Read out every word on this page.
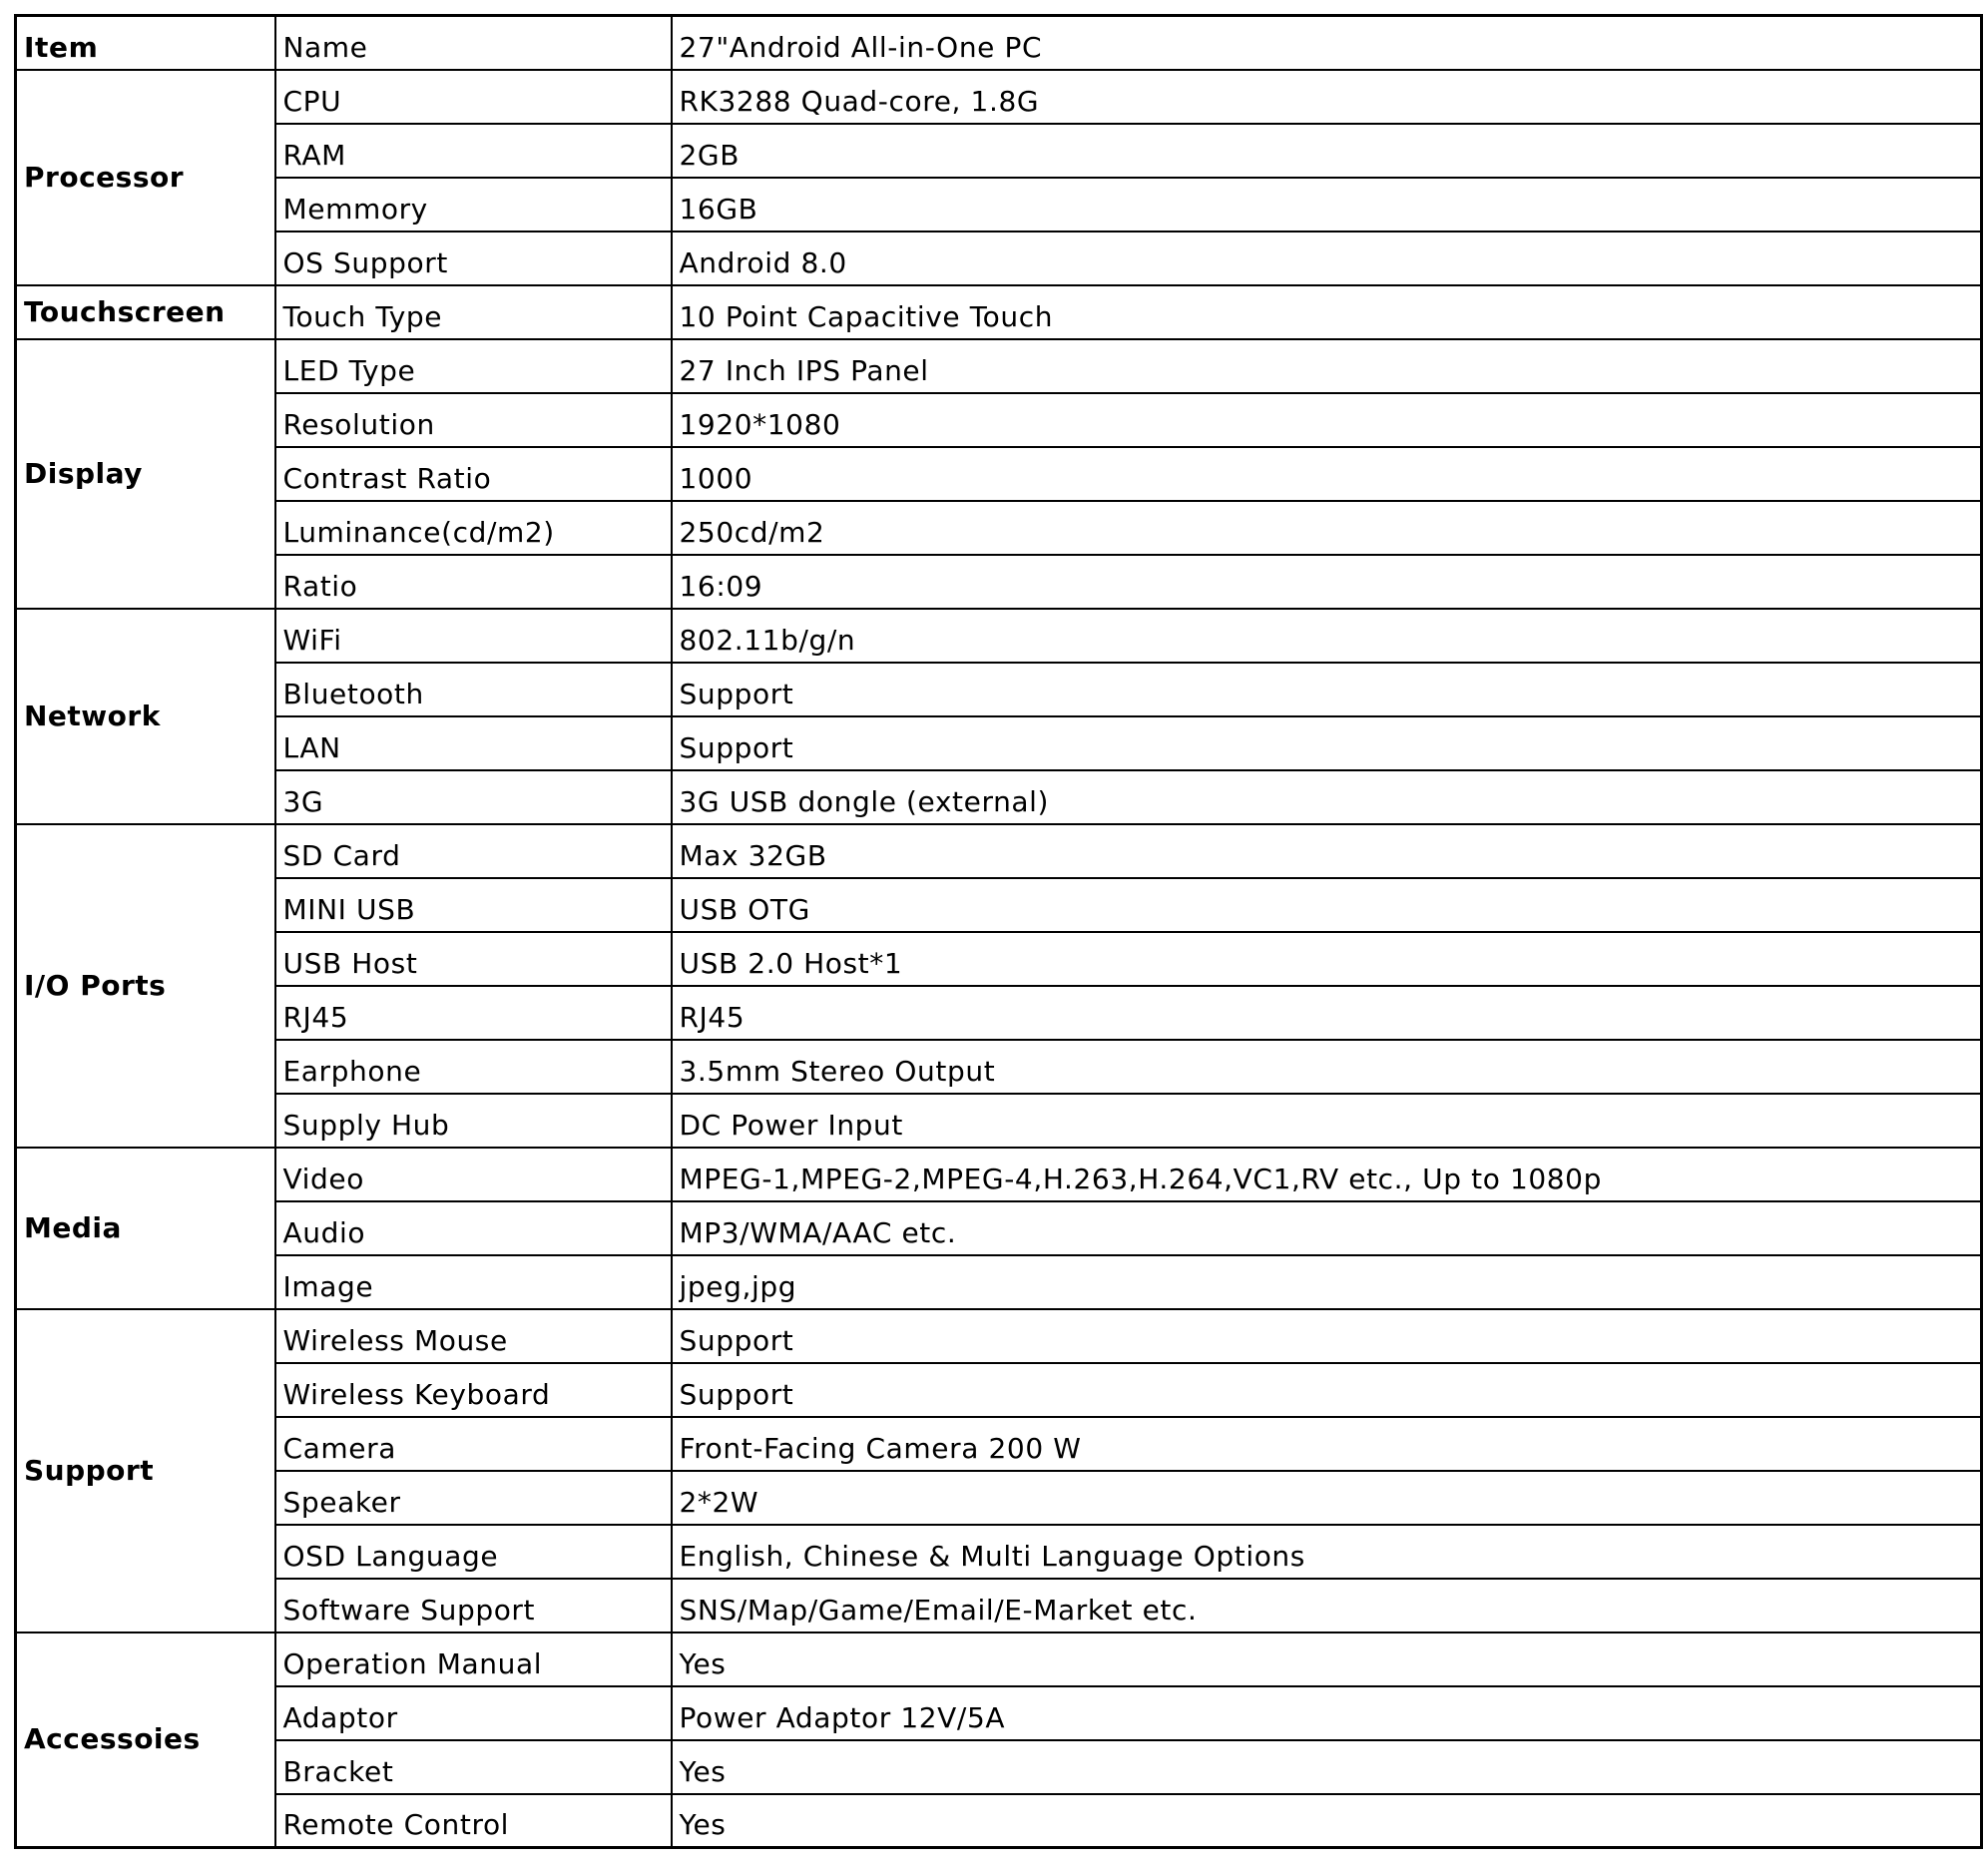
Item	Name	27"Android All-in-One PC
Processor	CPU	RK3288 Quad-core, 1.8G
	RAM	2GB
	Memmory	16GB
	OS Support	Android 8.0
Touchscreen	Touch Type	10 Point Capacitive Touch
Display	LED Type	27 Inch IPS Panel
	Resolution	1920*1080
	Contrast Ratio	1000
	Luminance(cd/m2)	250cd/m2
	Ratio	16:09
Network	WiFi	802.11b/g/n
	Bluetooth	Support
	LAN	Support
	3G	3G USB dongle (external)
I/O Ports	SD Card	Max 32GB
	MINI USB	USB OTG
	USB Host	USB 2.0 Host*1
	RJ45	RJ45
	Earphone	3.5mm Stereo Output
	Supply Hub	DC Power Input
Media	Video	MPEG-1,MPEG-2,MPEG-4,H.263,H.264,VC1,RV etc., Up to 1080p
	Audio	MP3/WMA/AAC etc.
	Image	jpeg,jpg
Support	Wireless Mouse	Support
	Wireless Keyboard	Support
	Camera	Front-Facing Camera 200 W
	Speaker	2*2W
	OSD Language	English, Chinese & Multi Language Options
	Software Support	SNS/Map/Game/Email/E-Market etc.
Accessoies	Operation Manual	Yes
	Adaptor	Power Adaptor 12V/5A
	Bracket	Yes
	Remote Control	Yes
